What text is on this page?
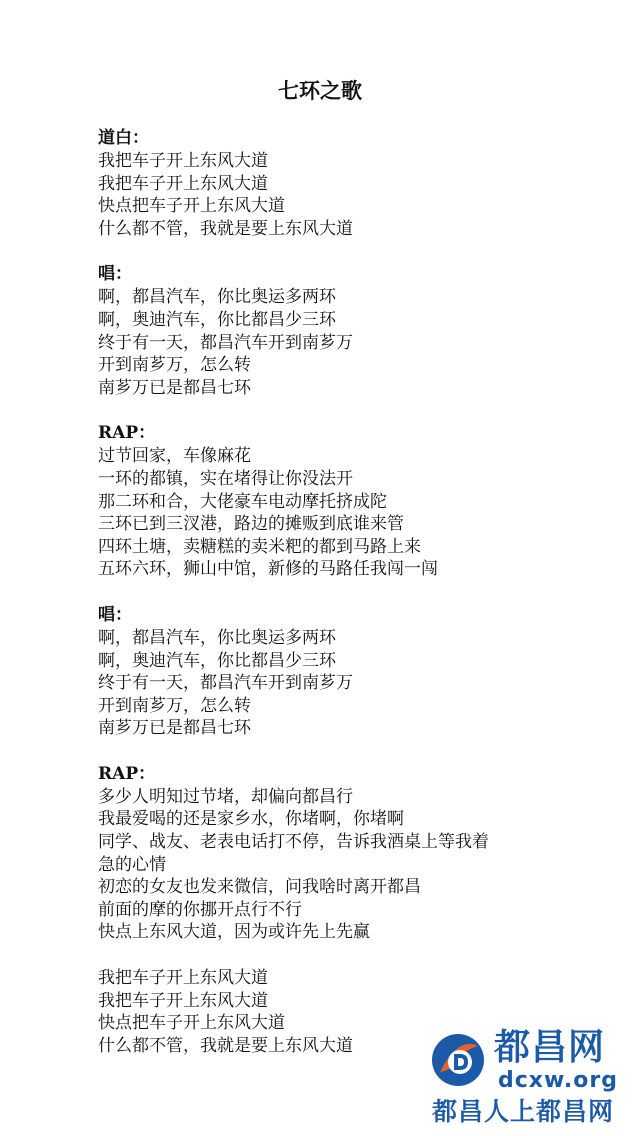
七环之歌
道白：
我把车子开上东风大道
我把车子开上东风大道
快点把车子开上东风大道
什么都不管，我就是要上东风大道
唱：
啊，都昌汽车，你比奥运多两环
啊，奥迪汽车，你比都昌少三环
终于有一天，都昌汽车开到南芗万
开到南芗万，怎么转
南芗万已是都昌七环
RAP：
过节回家，车像麻花
一环的都镇，实在堵得让你没法开
那二环和合，大佬豪车电动摩托挤成陀
三环已到三汊港，路边的摊贩到底谁来管
四环土塘，卖糖糕的卖米粑的都到马路上来
五环六环，狮山中馆，新修的马路任我闯一闯
唱：
啊，都昌汽车，你比奥运多两环
啊，奥迪汽车，你比都昌少三环
终于有一天，都昌汽车开到南芗万
开到南芗万，怎么转
南芗万已是都昌七环
RAP：
多少人明知过节堵，却偏向都昌行
我最爱喝的还是家乡水，你堵啊，你堵啊
同学、战友、老表电话打不停，告诉我酒桌上等我着
急的心情
初恋的女友也发来微信，问我啥时离开都昌
前面的摩的你挪开点行不行
快点上东风大道，因为或许先上先赢
我把车子开上东风大道
我把车子开上东风大道
快点把车子开上东风大道
什么都不管，我就是要上东风大道	都昌网
dcxw.org
都昌人上都昌网
